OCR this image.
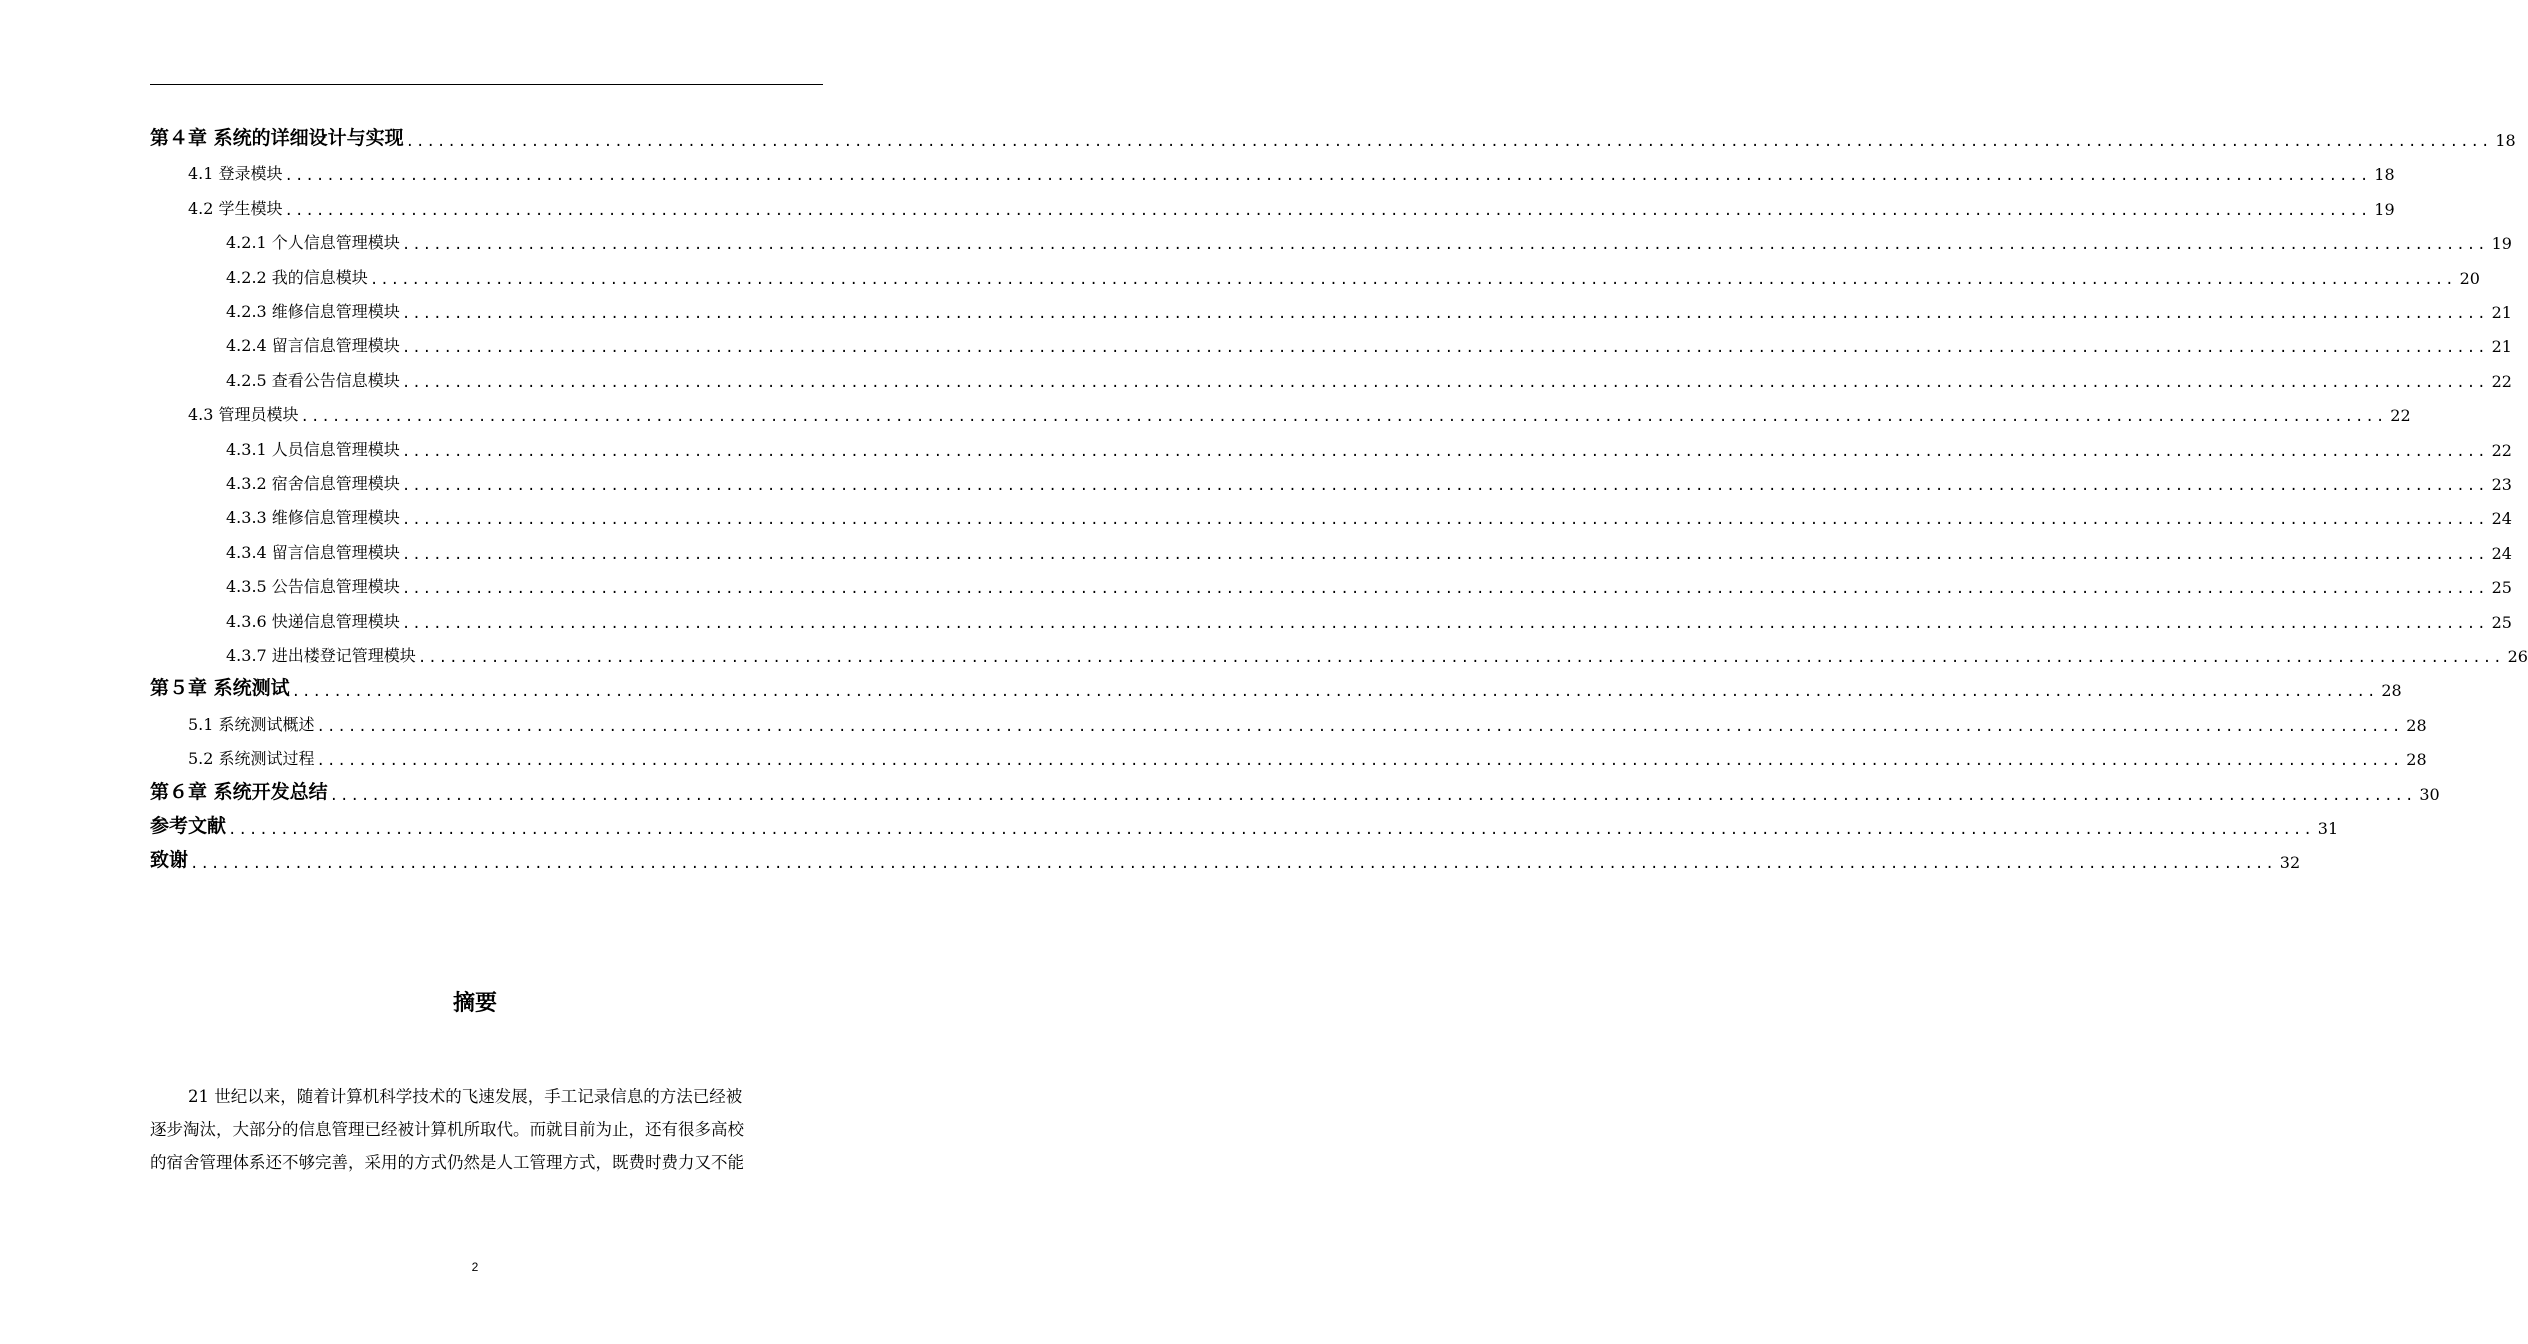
第４章 系统的详细设计与实现 ........................................................................................................................................................................................................ 18
4.1 登录模块 ........................................................................................................................................................................................................ 18
4.2 学生模块 ........................................................................................................................................................................................................ 19
4.2.1 个人信息管理模块 ........................................................................................................................................................................................................ 19
4.2.2 我的信息模块 ........................................................................................................................................................................................................ 20
4.2.3 维修信息管理模块 ........................................................................................................................................................................................................ 21
4.2.4 留言信息管理模块 ........................................................................................................................................................................................................ 21
4.2.5 查看公告信息模块 ........................................................................................................................................................................................................ 22
4.3 管理员模块 ........................................................................................................................................................................................................ 22
4.3.1 人员信息管理模块 ........................................................................................................................................................................................................ 22
4.3.2 宿舍信息管理模块 ........................................................................................................................................................................................................ 23
4.3.3 维修信息管理模块 ........................................................................................................................................................................................................ 24
4.3.4 留言信息管理模块 ........................................................................................................................................................................................................ 24
4.3.5 公告信息管理模块 ........................................................................................................................................................................................................ 25
4.3.6 快递信息管理模块 ........................................................................................................................................................................................................ 25
4.3.7 进出楼登记管理模块 ........................................................................................................................................................................................................ 26
第５章 系统测试 ........................................................................................................................................................................................................ 28
5.1 系统测试概述 ........................................................................................................................................................................................................ 28
5.2 系统测试过程 ........................................................................................................................................................................................................ 28
第６章 系统开发总结 ........................................................................................................................................................................................................ 30
参考文献 ........................................................................................................................................................................................................ 31
致谢 ........................................................................................................................................................................................................ 32
摘要
21 世纪以来，随着计算机科学技术的飞速发展，手工记录信息的方法已经被
逐步淘汰，大部分的信息管理已经被计算机所取代。而就目前为止，还有很多高校
的宿舍管理体系还不够完善，采用的方式仍然是人工管理方式，既费时费力又不能
2
